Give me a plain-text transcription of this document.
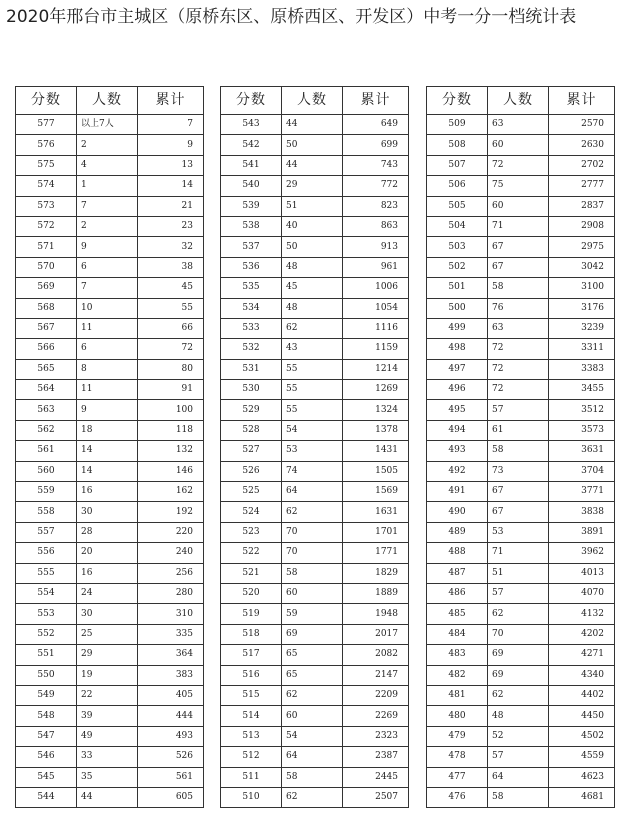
2020年邢台市主城区（原桥东区、原桥西区、开发区）中考一分一档统计表
分数	人数	累计
577	以上7人	7
576	2	9
575	4	13
574	1	14
573	7	21
572	2	23
571	9	32
570	6	38
569	7	45
568	10	55
567	11	66
566	6	72
565	8	80
564	11	91
563	9	100
562	18	118
561	14	132
560	14	146
559	16	162
558	30	192
557	28	220
556	20	240
555	16	256
554	24	280
553	30	310
552	25	335
551	29	364
550	19	383
549	22	405
548	39	444
547	49	493
546	33	526
545	35	561
544	44	605
分数	人数	累计
543	44	649
542	50	699
541	44	743
540	29	772
539	51	823
538	40	863
537	50	913
536	48	961
535	45	1006
534	48	1054
533	62	1116
532	43	1159
531	55	1214
530	55	1269
529	55	1324
528	54	1378
527	53	1431
526	74	1505
525	64	1569
524	62	1631
523	70	1701
522	70	1771
521	58	1829
520	60	1889
519	59	1948
518	69	2017
517	65	2082
516	65	2147
515	62	2209
514	60	2269
513	54	2323
512	64	2387
511	58	2445
510	62	2507
分数	人数	累计
509	63	2570
508	60	2630
507	72	2702
506	75	2777
505	60	2837
504	71	2908
503	67	2975
502	67	3042
501	58	3100
500	76	3176
499	63	3239
498	72	3311
497	72	3383
496	72	3455
495	57	3512
494	61	3573
493	58	3631
492	73	3704
491	67	3771
490	67	3838
489	53	3891
488	71	3962
487	51	4013
486	57	4070
485	62	4132
484	70	4202
483	69	4271
482	69	4340
481	62	4402
480	48	4450
479	52	4502
478	57	4559
477	64	4623
476	58	4681
